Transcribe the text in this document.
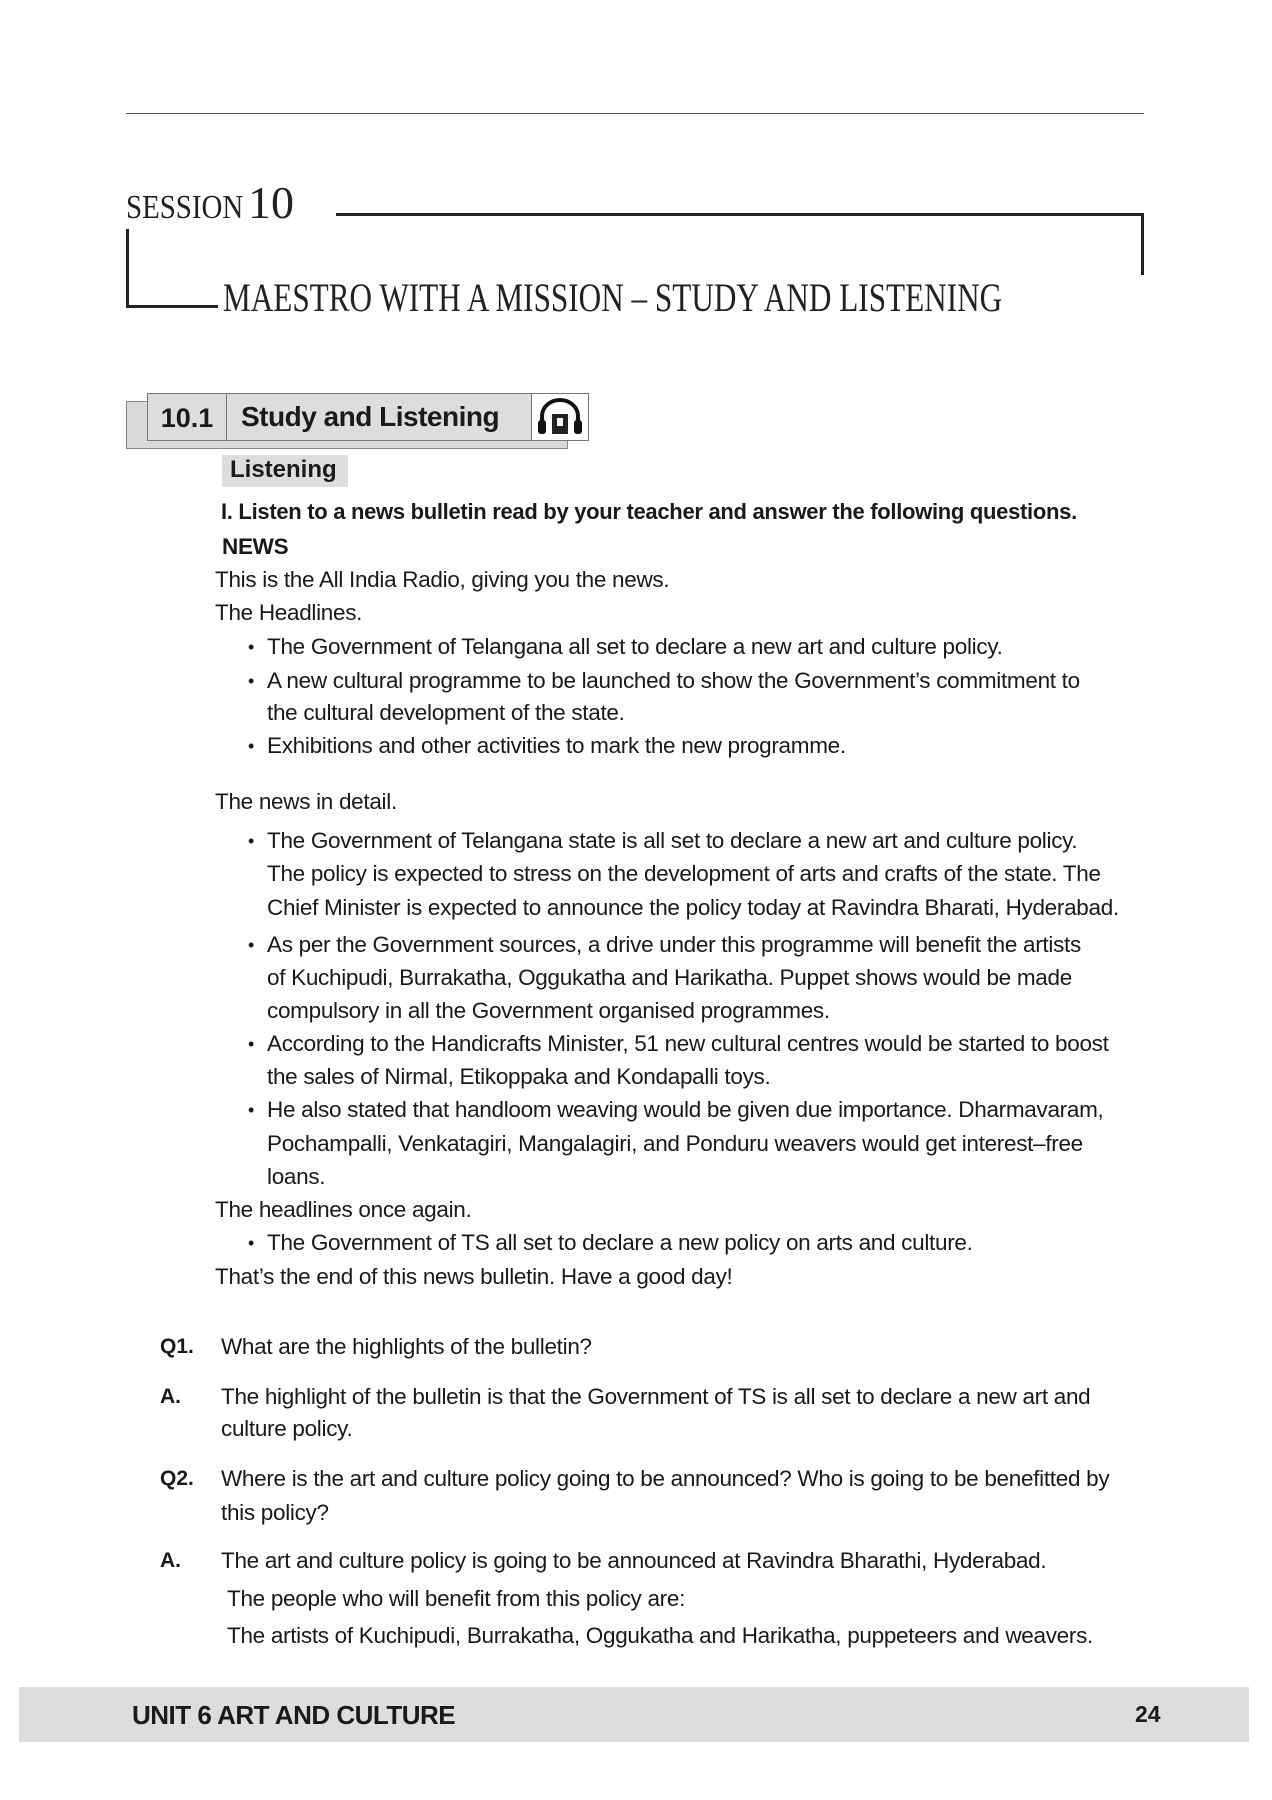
SESSION 10
MAESTRO WITH A MISSION – STUDY AND LISTENING
10.1 Study and Listening
Listening
I. Listen to a news bulletin read by your teacher and answer the following questions.
NEWS
This is the All India Radio, giving you the news.
The Headlines.
• The Government of Telangana all set to declare a new art and culture policy.
• A new cultural programme to be launched to show the Government’s commitment to
the cultural development of the state.
• Exhibitions and other activities to mark the new programme.
The news in detail.
• The Government of Telangana state is all set to declare a new art and culture policy.
The policy is expected to stress on the development of arts and crafts of the state. The
Chief Minister is expected to announce the policy today at Ravindra Bharati, Hyderabad.
• As per the Government sources, a drive under this programme will benefit the artists
of Kuchipudi, Burrakatha, Oggukatha and Harikatha. Puppet shows would be made
compulsory in all the Government organised programmes.
• According to the Handicrafts Minister, 51 new cultural centres would be started to boost
the sales of Nirmal, Etikoppaka and Kondapalli toys.
• He also stated that handloom weaving would be given due importance. Dharmavaram,
Pochampalli, Venkatagiri, Mangalagiri, and Ponduru weavers would get interest–free
loans.
The headlines once again.
• The Government of TS all set to declare a new policy on arts and culture.
That’s the end of this news bulletin. Have a good day!
Q1. What are the highlights of the bulletin?
A. The highlight of the bulletin is that the Government of TS is all set to declare a new art and
culture policy.
Q2. Where is the art and culture policy going to be announced? Who is going to be benefitted by
this policy?
A. The art and culture policy is going to be announced at Ravindra Bharathi, Hyderabad.
The people who will benefit from this policy are:
The artists of Kuchipudi, Burrakatha, Oggukatha and Harikatha, puppeteers and weavers.
UNIT 6 ART AND CULTURE	24
